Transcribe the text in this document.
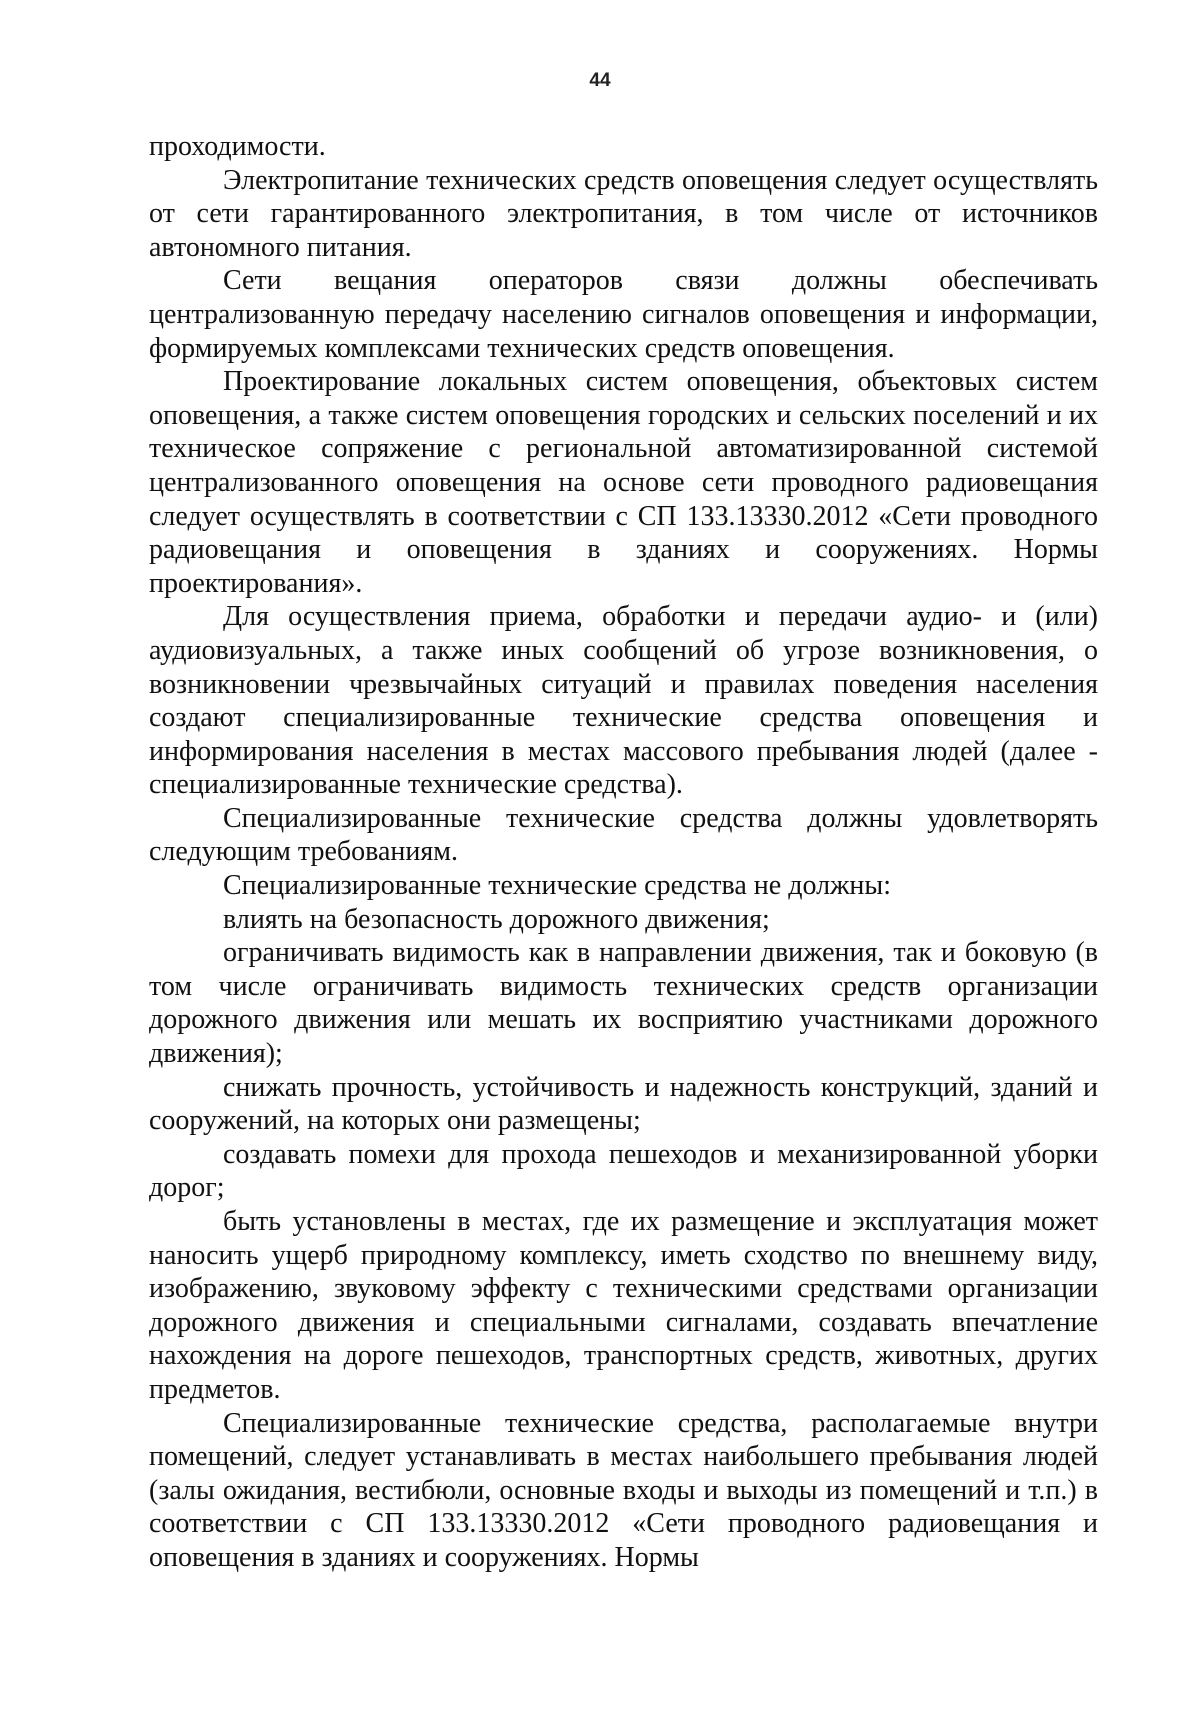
44

проходимости.

Электропитание технических средств оповещения следует осуществлять от сети гарантированного электропитания, в том числе от источников автономного питания.

Сети вещания операторов связи должны обеспечивать централизованную передачу населению сигналов оповещения и информации, формируемых комплексами технических средств оповещения.

Проектирование локальных систем оповещения, объектовых систем оповещения, а также систем оповещения городских и сельских поселений и их техническое сопряжение с региональной автоматизированной системой централизованного оповещения на основе сети проводного радиовещания следует осуществлять в соответствии с СП 133.13330.2012 «Сети проводного радиовещания и оповещения в зданиях и сооружениях. Нормы проектирования».

Для осуществления приема, обработки и передачи аудио- и (или) аудиовизуальных, а также иных сообщений об угрозе возникновения, о возникновении чрезвычайных ситуаций и правилах поведения населения создают специализированные технические средства оповещения и информирования населения в местах массового пребывания людей (далее - специализированные технические средства).

Специализированные технические средства должны удовлетворять следующим требованиям.

Специализированные технические средства не должны:

влиять на безопасность дорожного движения;

ограничивать видимость как в направлении движения, так и боковую (в том числе ограничивать видимость технических средств организации дорожного движения или мешать их восприятию участниками дорожного движения);

снижать прочность, устойчивость и надежность конструкций, зданий и сооружений, на которых они размещены;

создавать помехи для прохода пешеходов и механизированной уборки дорог;

быть установлены в местах, где их размещение и эксплуатация может наносить ущерб природному комплексу, иметь сходство по внешнему виду, изображению, звуковому эффекту с техническими средствами организации дорожного движения и специальными сигналами, создавать впечатление нахождения на дороге пешеходов, транспортных средств, животных, других предметов.

Специализированные технические средства, располагаемые внутри помещений, следует устанавливать в местах наибольшего пребывания людей (залы ожидания, вестибюли, основные входы и выходы из помещений и т.п.) в соответствии с СП 133.13330.2012 «Сети проводного радиовещания и оповещения в зданиях и сооружениях. Нормы
